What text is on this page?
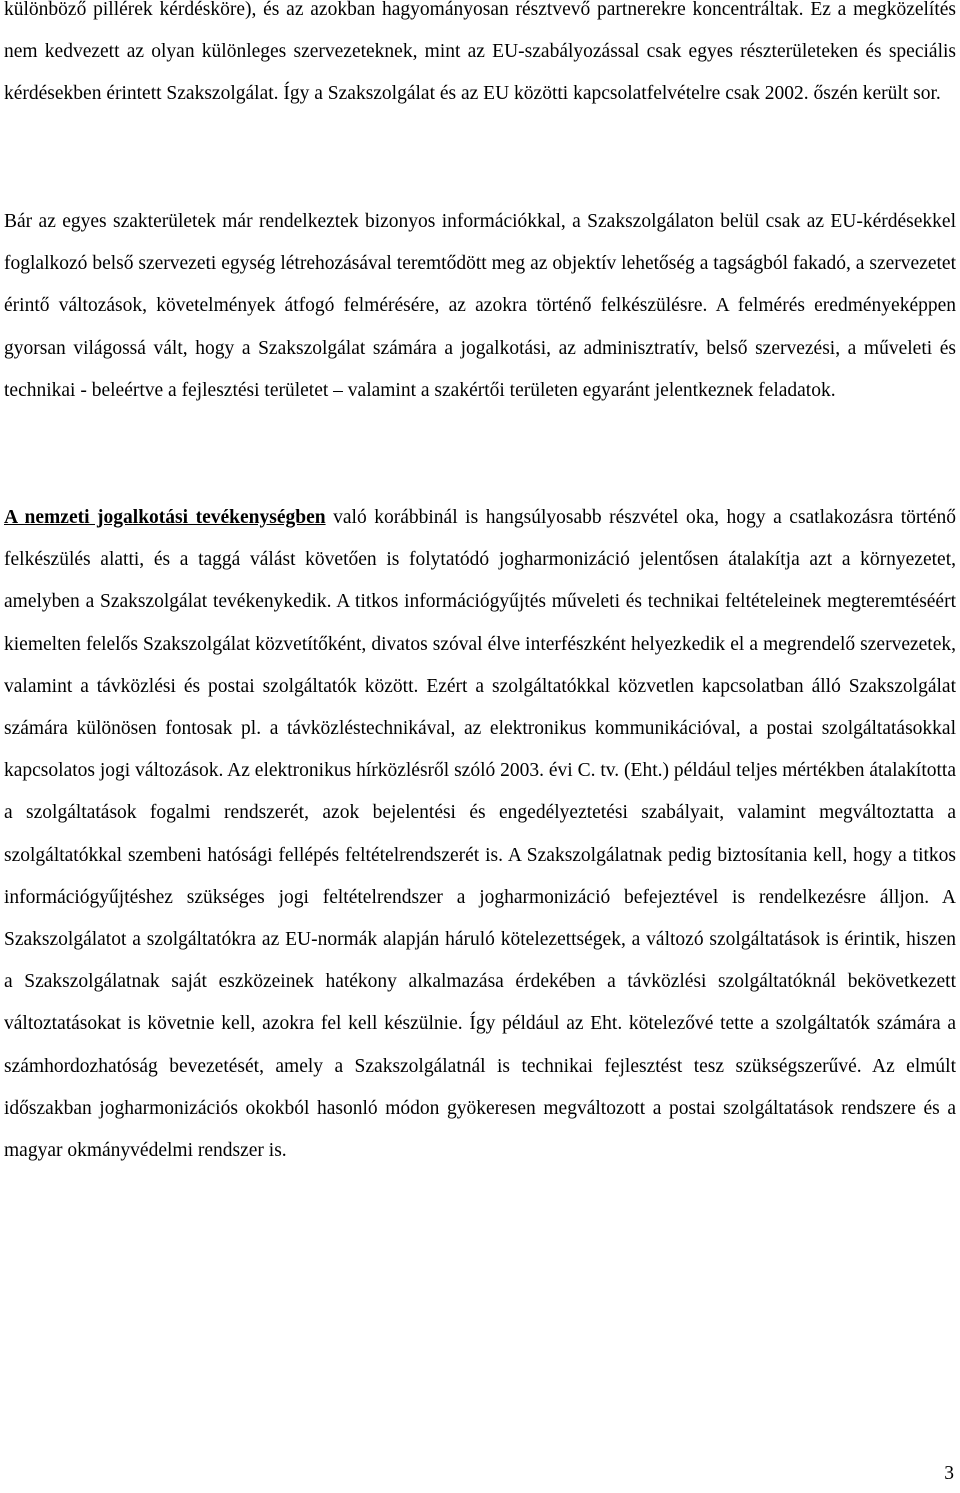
különböző pillérek kérdésköre), és az azokban hagyományosan résztvevő partnerekre koncentráltak. Ez a megközelítés nem kedvezett az olyan különleges szervezeteknek, mint az EU-szabályozással csak egyes részterületeken és speciális kérdésekben érintett Szakszolgálat. Így a Szakszolgálat és az EU közötti kapcsolatfelvételre csak 2002. őszén került sor.

Bár az egyes szakterületek már rendelkeztek bizonyos információkkal, a Szakszolgálaton belül csak az EU-kérdésekkel foglalkozó belső szervezeti egység létrehozásával teremtődött meg az objektív lehetőség a tagságból fakadó, a szervezetet érintő változások, követelmények átfogó felmérésére, az azokra történő felkészülésre. A felmérés eredményeképpen gyorsan világossá vált, hogy a Szakszolgálat számára a jogalkotási, az adminisztratív, belső szervezési, a műveleti és technikai - beleértve a fejlesztési területet – valamint a szakértői területen egyaránt jelentkeznek feladatok.

A nemzeti jogalkotási tevékenységben való korábbinál is hangsúlyosabb részvétel oka, hogy a csatlakozásra történő felkészülés alatti, és a taggá válást követően is folytatódó jogharmonizáció jelentősen átalakítja azt a környezetet, amelyben a Szakszolgálat tevékenykedik. A titkos információgyűjtés műveleti és technikai feltételeinek megteremtéséért kiemelten felelős Szakszolgálat közvetítőként, divatos szóval élve interfészként helyezkedik el a megrendelő szervezetek, valamint a távközlési és postai szolgáltatók között. Ezért a szolgáltatókkal közvetlen kapcsolatban álló Szakszolgálat számára különösen fontosak pl. a távközléstechnikával, az elektronikus kommunikációval, a postai szolgáltatásokkal kapcsolatos jogi változások. Az elektronikus hírközlésről szóló 2003. évi C. tv. (Eht.) például teljes mértékben átalakította a szolgáltatások fogalmi rendszerét, azok bejelentési és engedélyeztetési szabályait, valamint megváltoztatta a szolgáltatókkal szembeni hatósági fellépés feltételrendszerét is. A Szakszolgálatnak pedig biztosítania kell, hogy a titkos információgyűjtéshez szükséges jogi feltételrendszer a jogharmonizáció befejeztével is rendelkezésre álljon. A Szakszolgálatot a szolgáltatókra az EU-normák alapján háruló kötelezettségek, a változó szolgáltatások is érintik, hiszen a Szakszolgálatnak saját eszközeinek hatékony alkalmazása érdekében a távközlési szolgáltatóknál bekövetkezett változtatásokat is követnie kell, azokra fel kell készülnie. Így például az Eht. kötelezővé tette a szolgáltatók számára a számhordozhatóság bevezetését, amely a Szakszolgálatnál is technikai fejlesztést tesz szükségszerűvé. Az elmúlt időszakban jogharmonizációs okokból hasonló módon gyökeresen megváltozott a postai szolgáltatások rendszere és a magyar okmányvédelmi rendszer is.

3
